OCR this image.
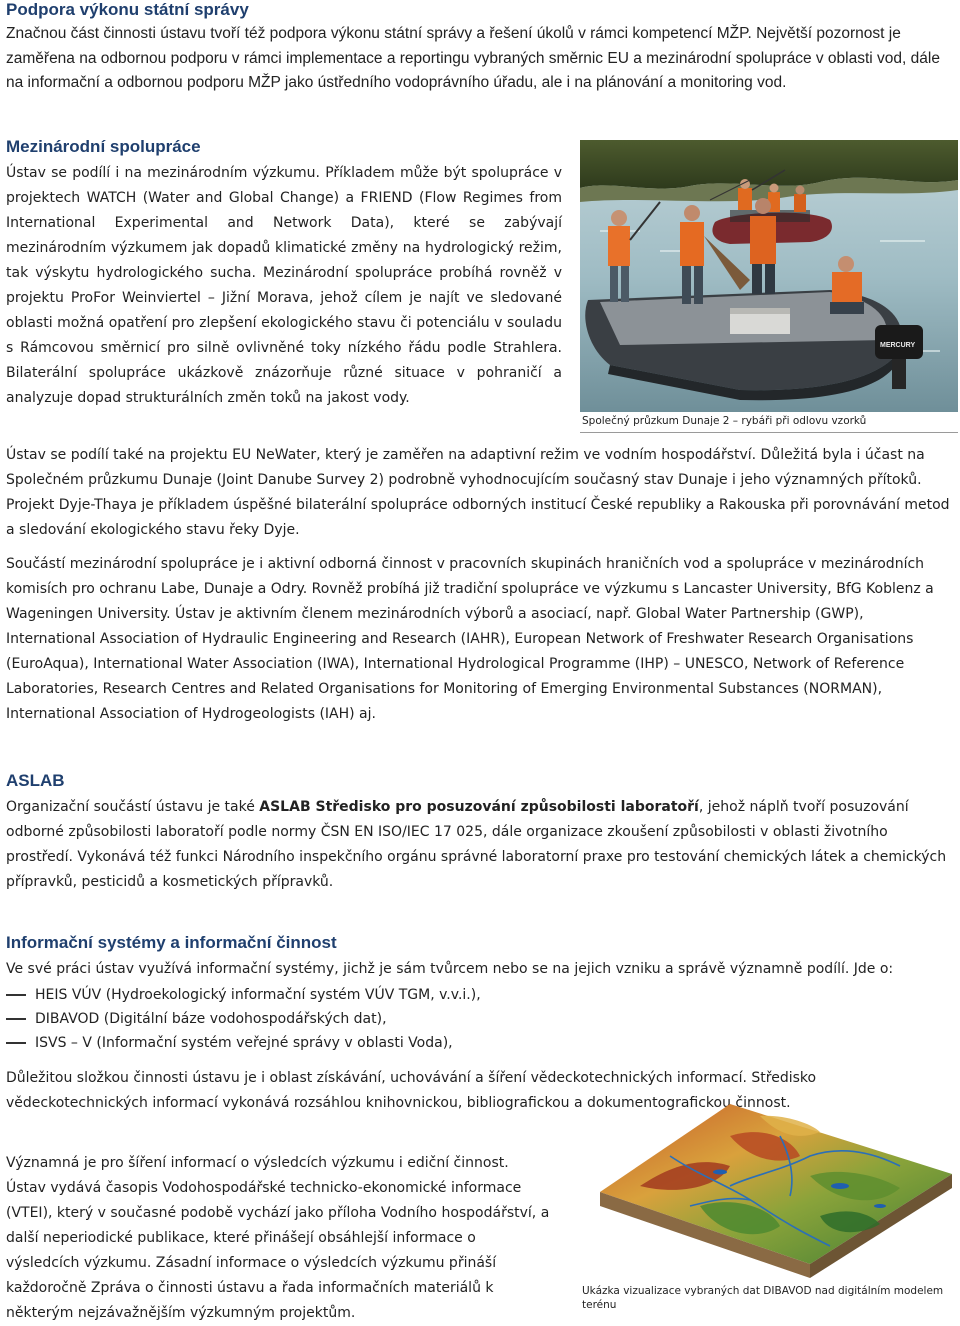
Podpora výkonu státní správy

Značnou část činnosti ústavu tvoří též podpora výkonu státní správy a řešení úkolů v rámci kompetencí MŽP. Největší pozornost je zaměřena na odbornou podporu v rámci implementace a reportingu vybraných směrnic EU a mezinárodní spolupráce v oblasti vod, dále na informační a odbornou podporu MŽP jako ústředního vodoprávního úřadu, ale i na plánování a monitoring vod.

Mezinárodní spolupráce

Ústav se podílí i na mezinárodním výzkumu. Příkladem může být spolupráce v projektech WATCH (Water and Global Change) a FRIEND (Flow Regimes from International Experimental and Network Data), které se zabývají mezinárodním výzkumem jak dopadů klimatické změny na hydrologický režim, tak výskytu hydrologického sucha. Mezinárodní spolupráce probíhá rovněž v projektu ProFor Weinviertel – Jižní Morava, jehož cílem je najít ve sledované oblasti možná opatření pro zlepšení ekologického stavu či potenciálu v souladu s Rámcovou směrnicí pro silně ovlivněné toky nízkého řádu podle Strahlera. Bilaterální spolupráce ukázkově znázorňuje různé situace v pohraničí a analyzuje dopad strukturálních změn toků na jakost vody.

MERCURY
Společný průzkum Dunaje 2 – rybáři při odlovu vzorků

Ústav se podílí také na projektu EU NeWater, který je zaměřen na adaptivní režim ve vodním hospodářství. Důležitá byla i účast na Společném průzkumu Dunaje (Joint Danube Survey 2) podrobně vyhodnocujícím současný stav Dunaje i jeho významných přítoků. Projekt Dyje-Thaya je příkladem úspěšné bilaterální spolupráce odborných institucí České republiky a Rakouska při porovnávání metod a sledování ekologického stavu řeky Dyje.

Součástí mezinárodní spolupráce je i aktivní odborná činnost v pracovních skupinách hraničních vod a spolupráce v mezinárodních komisích pro ochranu Labe, Dunaje a Odry. Rovněž probíhá již tradiční spolupráce ve výzkumu s Lancaster University, BfG Koblenz a Wageningen University. Ústav je aktivním členem mezinárodních výborů a asociací, např. Global Water Partnership (GWP), International Association of Hydraulic Engineering and Research (IAHR), European Network of Freshwater Research Organisations (EuroAqua), International Water Association (IWA), International Hydrological Programme (IHP) – UNESCO, Network of Reference Laboratories, Research Centres and Related Organisations for Monitoring of Emerging Environmental Substances (NORMAN), International Association of Hydrogeologists (IAH) aj.

ASLAB

Organizační součástí ústavu je také ASLAB Středisko pro posuzování způsobilosti laboratoří, jehož náplň tvoří posuzování odborné způsobilosti laboratoří podle normy ČSN EN ISO/IEC 17 025, dále organizace zkoušení způsobilosti v oblasti životního prostředí. Vykonává též funkci Národního inspekčního orgánu správné laboratorní praxe pro testování chemických látek a chemických přípravků, pesticidů a kosmetických přípravků.

Informační systémy a informační činnost

Ve své práci ústav využívá informační systémy, jichž je sám tvůrcem nebo se na jejich vzniku a správě významně podílí. Jde o:

HEIS VÚV (Hydroekologický informační systém VÚV TGM, v.v.i.),
DIBAVOD (Digitální báze vodohospodářských dat),
ISVS – V (Informační systém veřejné správy v oblasti Voda),

Důležitou složkou činnosti ústavu je i oblast získávání, uchovávání a šíření vědeckotechnických informací. Středisko vědeckotechnických informací vykonává rozsáhlou knihovnickou, bibliografickou a dokumentografickou činnost.

Významná je pro šíření informací o výsledcích výzkumu i ediční činnost. Ústav vydává časopis Vodohospodářské technicko-ekonomické informace (VTEI), který v současné podobě vychází jako příloha Vodního hospodářství, a další neperiodické publikace, které přinášejí obsáhlejší informace o výsledcích výzkumu. Zásadní informace o výsledcích výzkumu přináší každoročně Zpráva o činnosti ústavu a řada informačních materiálů k některým nejzávažnějším výzkumným projektům.

Ukázka vizualizace vybraných dat DIBAVOD nad digitálním modelem terénu
